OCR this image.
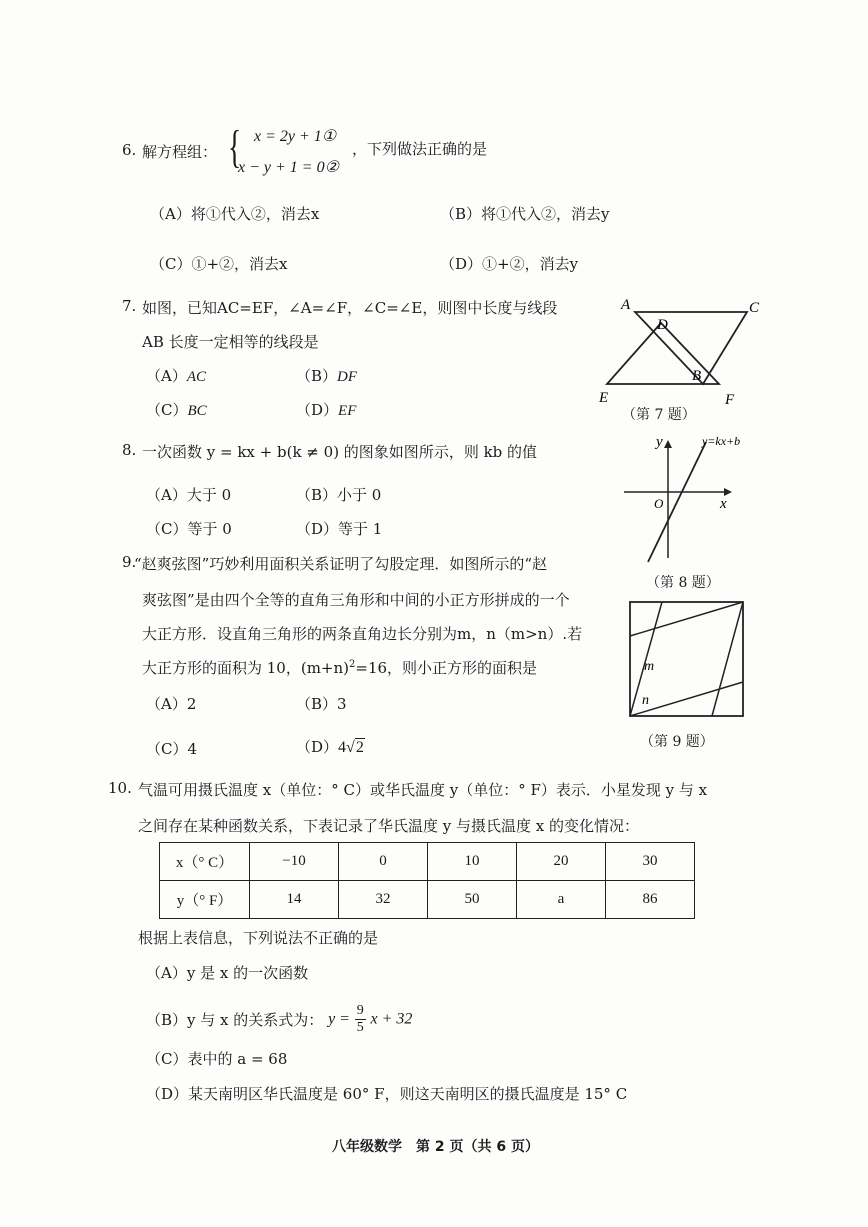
6. 解方程组： { x = 2y + 1①
x − y + 1 = 0②
，下列做法正确的是
（A）将①代入②，消去x	（B）将①代入②，消去y
（C）①+②，消去x	（D）①+②，消去y
7. 如图，已知AC=EF，∠A=∠F，∠C=∠E，则图中长度与线段
AB 长度一定相等的线段是
（A）AC	（B）DF
（C）BC	（D）EF
A	C
D
B
E	F
（第 7 题）
8. 一次函数 y = kx + b(k ≠ 0) 的图象如图所示，则 kb 的值
（A）大于 0	（B）小于 0
（C）等于 0	（D）等于 1
y
x
O
y=kx+b
（第 8 题）
9.
“赵爽弦图”巧妙利用面积关系证明了勾股定理．如图所示的“赵
爽弦图”是由四个全等的直角三角形和中间的小正方形拼成的一个
大正方形．设直角三角形的两条直角边长分别为m，n（m>n）.若
大正方形的面积为 10，$(m+n)^2=16$，则小正方形的面积是
（A）2	（B）3
（C）4	（D）4√2
m
n
（第 9 题）
10. 气温可用摄氏温度 x（单位：° C）或华氏温度 y（单位：° F）表示．小星发现 y 与 x
之间存在某种函数关系，下表记录了华氏温度 y 与摄氏温度 x 的变化情况：
x（° C）	−10	0	10	20	30
y（° F）	14	32	50	a	86
根据上表信息，下列说法不正确的是
（A）y 是 x 的一次函数
（B）y 与 x 的关系式为： $y = \frac{9}{5}$ x + 32
（C）表中的 a = 68
（D）某天南明区华氏温度是 60° F，则这天南明区的摄氏温度是 15° C
八年级数学　第 2 页（共 6 页）
